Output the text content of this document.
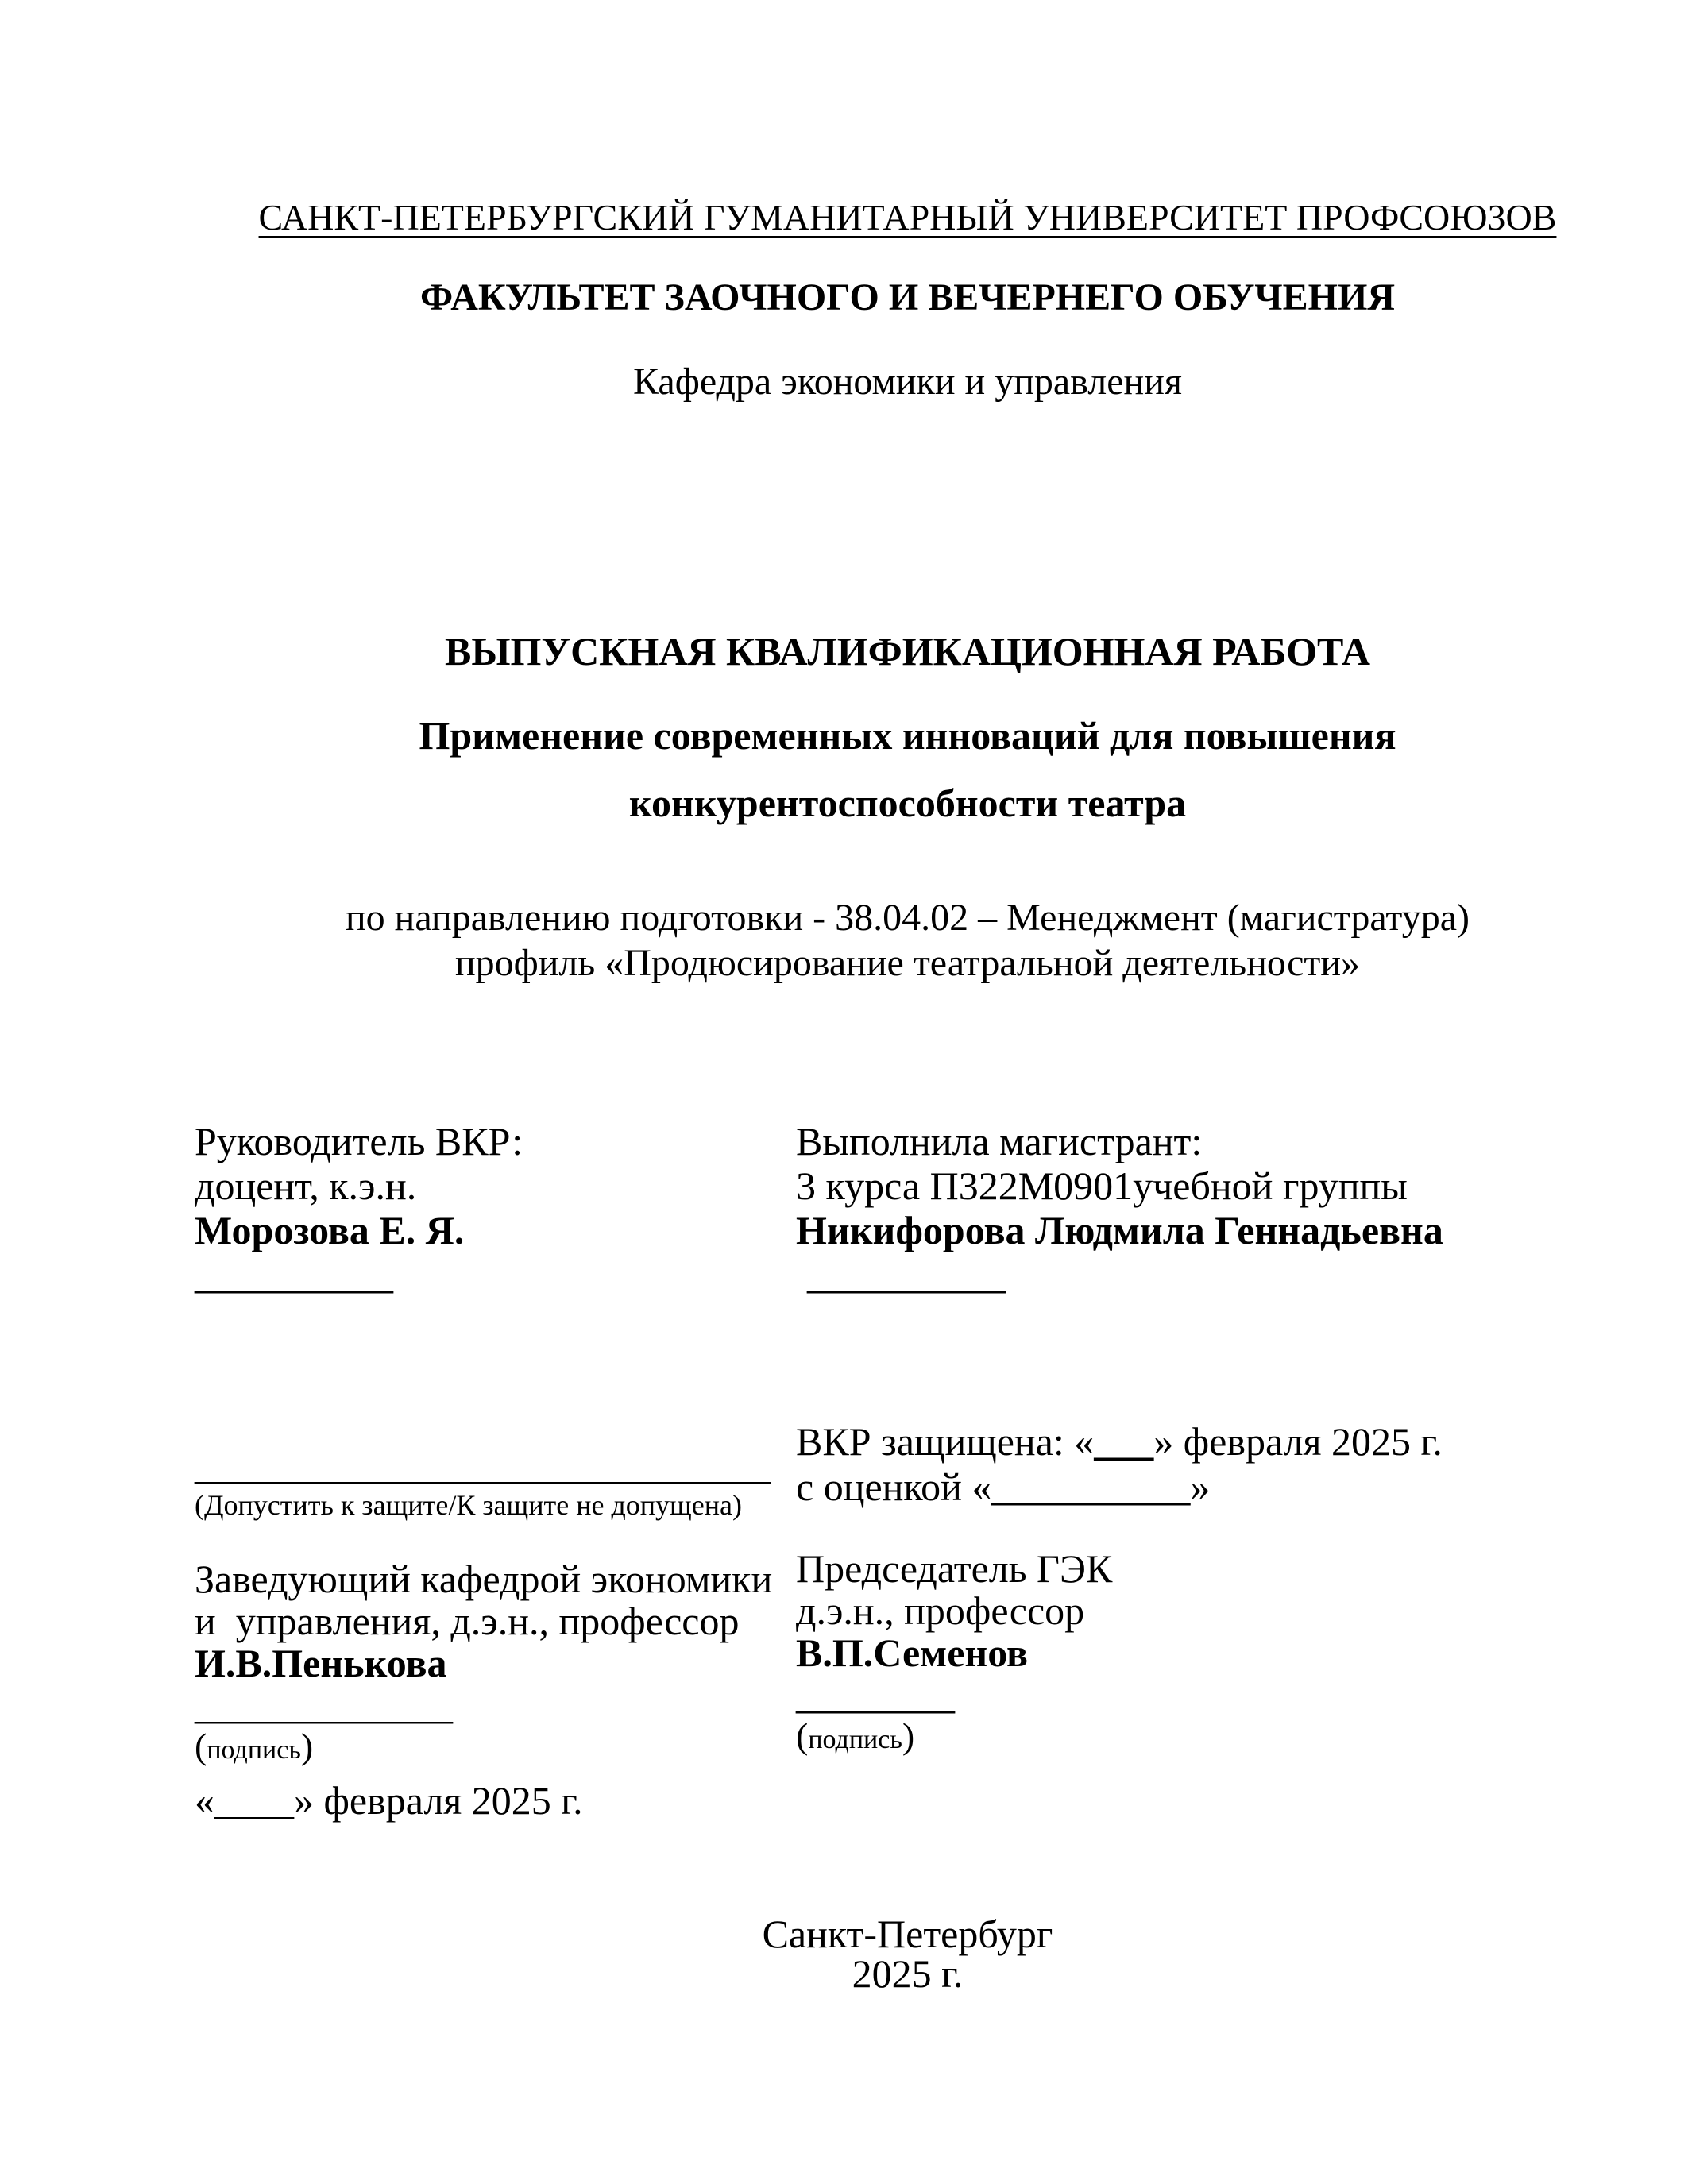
САНКТ-ПЕТЕРБУРГСКИЙ ГУМАНИТАРНЫЙ УНИВЕРСИТЕТ ПРОФСОЮЗОВ
ФАКУЛЬТЕТ ЗАОЧНОГО И ВЕЧЕРНЕГО ОБУЧЕНИЯ
Кафедра экономики и управления
ВЫПУСКНАЯ КВАЛИФИКАЦИОННАЯ РАБОТА
Применение современных инноваций для повышения
конкурентоспособности театра
по направлению подготовки - 38.04.02 – Менеджмент (магистратура)
профиль «Продюсирование театральной деятельности»
Руководитель ВКР:
доцент, к.э.н.
Морозова Е. Я.
__________
Выполнила магистрант:
3 курса П322М0901учебной группы
Никифорова Людмила Геннадьевна
__________
_____________________________
(Допустить к защите/К защите не допущена)
ВКР защищена: «___» февраля 2025 г.
с оценкой «__________»
Заведующий кафедрой экономики
и  управления, д.э.н., профессор
И.В.Пенькова
_____________
(подпись)
«____» февраля 2025 г.
Председатель ГЭК
д.э.н., профессор
В.П.Семенов
________
(подпись)
Санкт-Петербург
2025 г.
